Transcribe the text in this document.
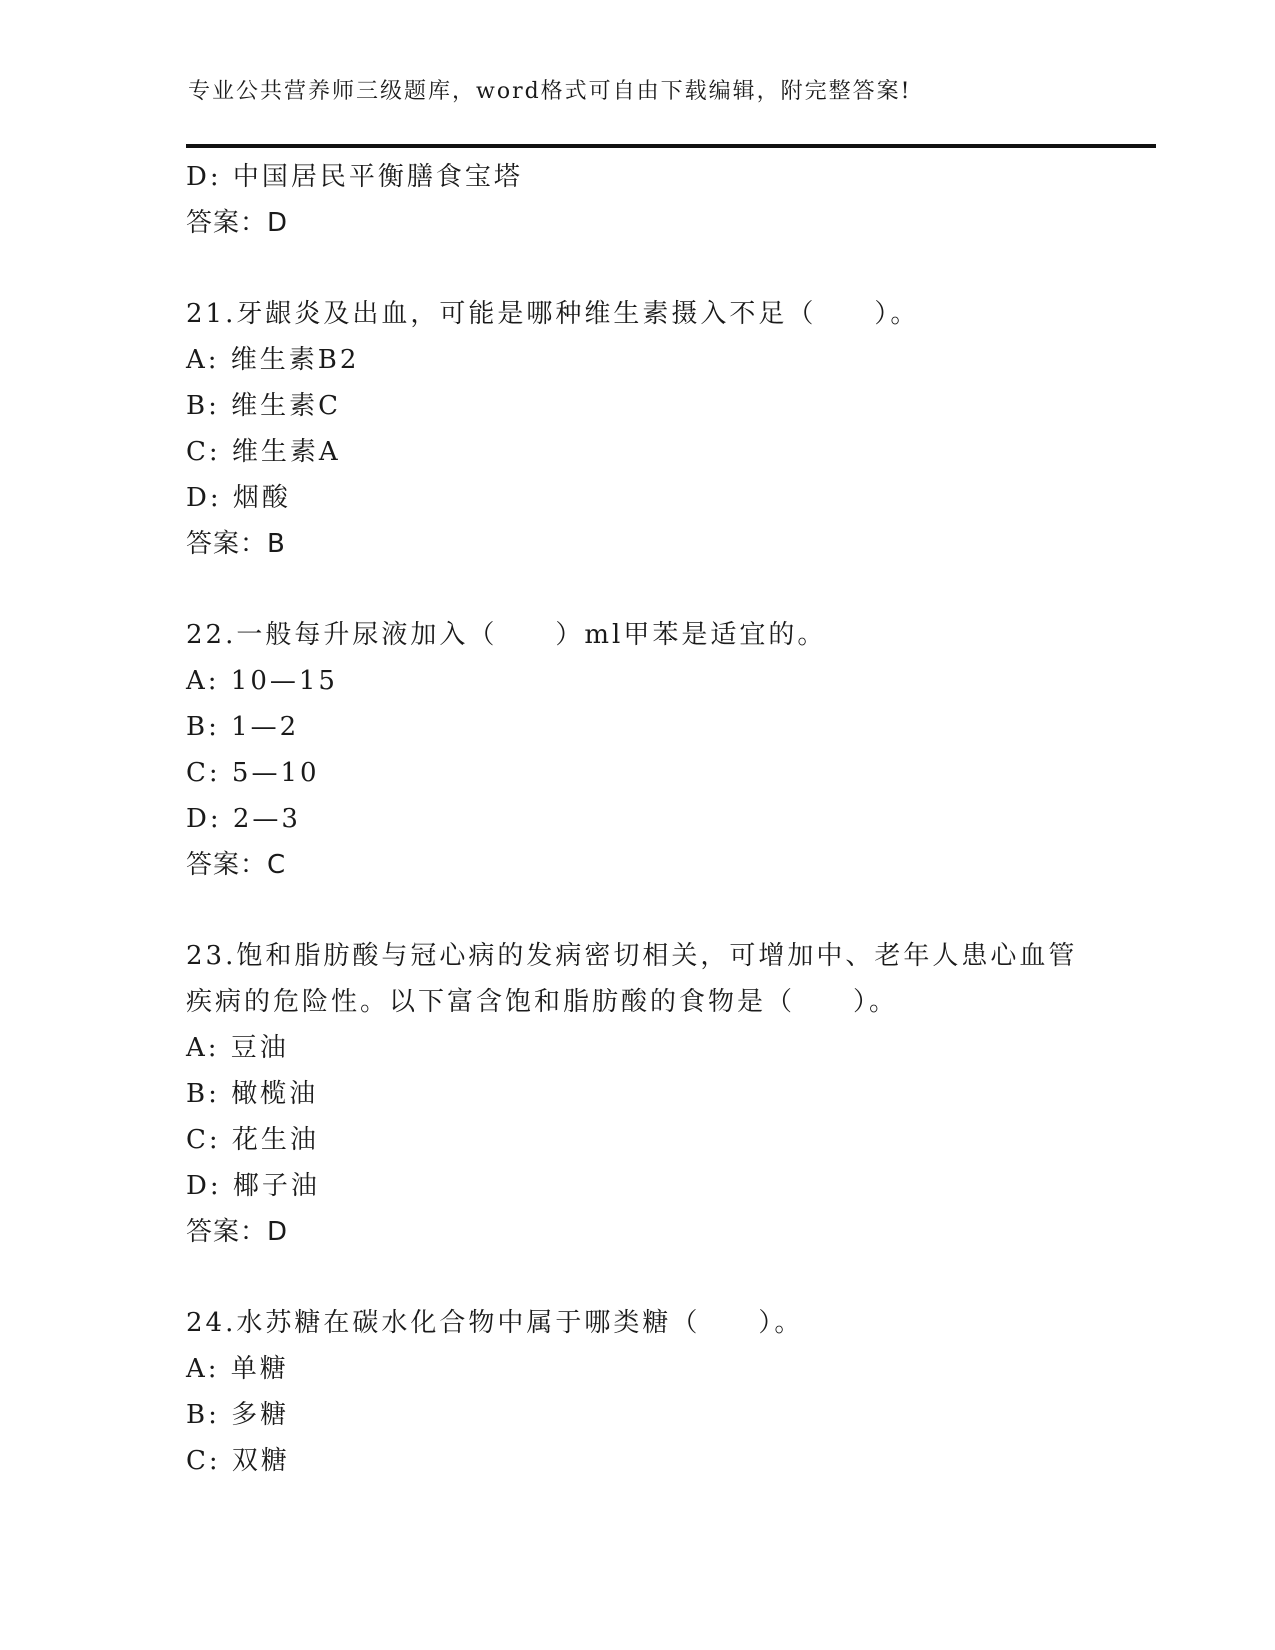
专业公共营养师三级题库，word格式可自由下载编辑，附完整答案!
D: 中国居民平衡膳食宝塔
答案：D
21.牙龈炎及出血，可能是哪种维生素摄入不足（　　）。
A: 维生素B2
B: 维生素C
C: 维生素A
D: 烟酸
答案：B
22.一般每升尿液加入（　　）ml甲苯是适宜的。
A: 10—15
B: 1—2
C: 5—10
D: 2—3
答案：C
23.饱和脂肪酸与冠心病的发病密切相关，可增加中、老年人患心血管
疾病的危险性。以下富含饱和脂肪酸的食物是（　　）。
A: 豆油
B: 橄榄油
C: 花生油
D: 椰子油
答案：D
24.水苏糖在碳水化合物中属于哪类糖（　　）。
A: 单糖
B: 多糖
C: 双糖
